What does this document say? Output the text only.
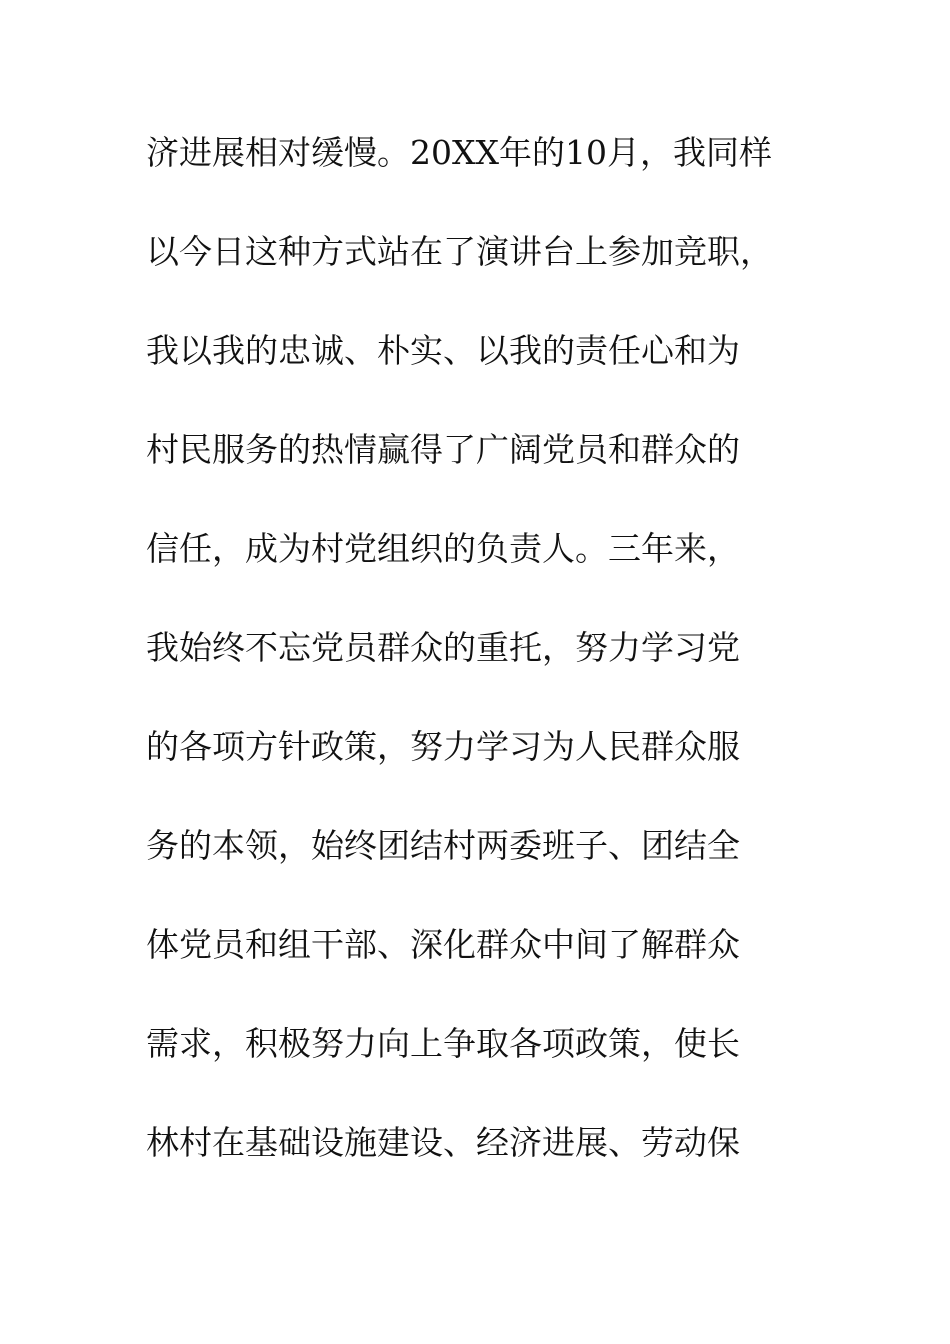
济进展相对缓慢。20XX年的10月，我同样
以今日这种方式站在了演讲台上参加竞职，
我以我的忠诚、朴实、以我的责任心和为
村民服务的热情赢得了广阔党员和群众的
信任，成为村党组织的负责人。三年来，
我始终不忘党员群众的重托，努力学习党
的各项方针政策，努力学习为人民群众服
务的本领，始终团结村两委班子、团结全
体党员和组干部、深化群众中间了解群众
需求，积极努力向上争取各项政策，使长
林村在基础设施建设、经济进展、劳动保
